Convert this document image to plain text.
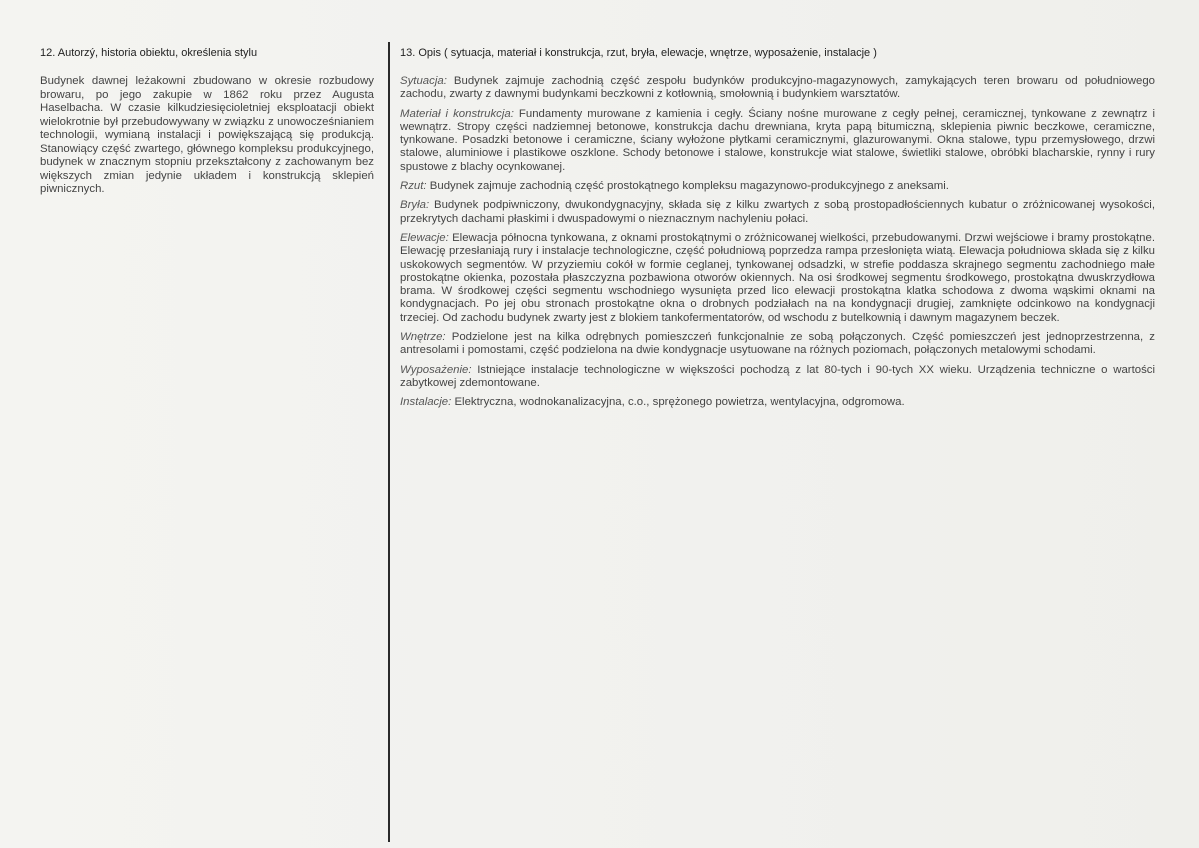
12. Autorzý, historia obiektu, określenia stylu

Budynek dawnej leżakowni zbudowano w okresie rozbudowy browaru, po jego zakupie w 1862 roku przez Augusta Haselbacha. W czasie kilkudziesięcioletniej eksploatacji obiekt wielokrotnie był przebudowywany w związku z unowocześnianiem technologii, wymianą instalacji i powiększającą się produkcją. Stanowiący część zwartego, głównego kompleksu produkcyjnego, budynek w znacznym stopniu przekształcony z zachowanym bez większych zmian jedynie układem i konstrukcją sklepień piwnicznych.

13. Opis ( sytuacja, materiał i konstrukcja, rzut, bryła, elewacje, wnętrze, wyposażenie, instalacje )

Sytuacja: Budynek zajmuje zachodnią część zespołu budynków produkcyjno-magazynowych, zamykających teren browaru od południowego zachodu, zwarty z dawnymi budynkami beczkowni z kotłownią, smołownią i budynkiem warsztatów.

Materiał i konstrukcja: Fundamenty murowane z kamienia i cegły. Ściany nośne murowane z cegły pełnej, ceramicznej, tynkowane z zewnątrz i wewnątrz. Stropy części nadziemnej betonowe, konstrukcja dachu drewniana, kryta papą bitumiczną, sklepienia piwnic beczkowe, ceramiczne, tynkowane. Posadzki betonowe i ceramiczne, ściany wyłożone płytkami ceramicznymi, glazurowanymi. Okna stalowe, typu przemysłowego, drzwi stalowe, aluminiowe i plastikowe oszklone. Schody betonowe i stalowe, konstrukcje wiat stalowe, świetliki stalowe, obróbki blacharskie, rynny i rury spustowe z blachy ocynkowanej.

Rzut: Budynek zajmuje zachodnią część prostokątnego kompleksu magazynowo-produkcyjnego z aneksami.

Bryła: Budynek podpiwniczony, dwukondygnacyjny, składa się z kilku zwartych z sobą prostopadłościennych kubatur o zróżnicowanej wysokości, przekrytych dachami płaskimi i dwuspadowymi o nieznacznym nachyleniu połaci.

Elewacje: Elewacja północna tynkowana, z oknami prostokątnymi o zróżnicowanej wielkości, przebudowanymi. Drzwi wejściowe i bramy prostokątne. Elewację przesłaniają rury i instalacje technologiczne, część południową poprzedza rampa przesłonięta wiatą. Elewacja południowa składa się z kilku uskokowych segmentów. W przyziemiu cokół w formie ceglanej, tynkowanej odsadzki, w strefie poddasza skrajnego segmentu zachodniego małe prostokątne okienka, pozostała płaszczyzna pozbawiona otworów okiennych. Na osi środkowej segmentu środkowego, prostokątna dwuskrzydłowa brama. W środkowej części segmentu wschodniego wysunięta przed lico elewacji prostokątna klatka schodowa z dwoma wąskimi oknami na kondygnacjach. Po jej obu stronach prostokątne okna o drobnych podziałach na na kondygnacji drugiej, zamknięte odcinkowo na kondygnacji trzeciej. Od zachodu budynek zwarty jest z blokiem tankofermentatorów, od wschodu z butelkownią i dawnym magazynem beczek.

Wnętrze: Podzielone jest na kilka odrębnych pomieszczeń funkcjonalnie ze sobą połączonych. Część pomieszczeń jest jednoprzestrzenna, z antresolami i pomostami, część podzielona na dwie kondygnacje usytuowane na różnych poziomach, połączonych metalowymi schodami.

Wyposażenie: Istniejące instalacje technologiczne w większości pochodzą z lat 80-tych i 90-tych XX wieku. Urządzenia techniczne o wartości zabytkowej zdemontowane.

Instalacje: Elektryczna, wodnokanalizacyjna, c.o., sprężonego powietrza, wentylacyjna, odgromowa.
